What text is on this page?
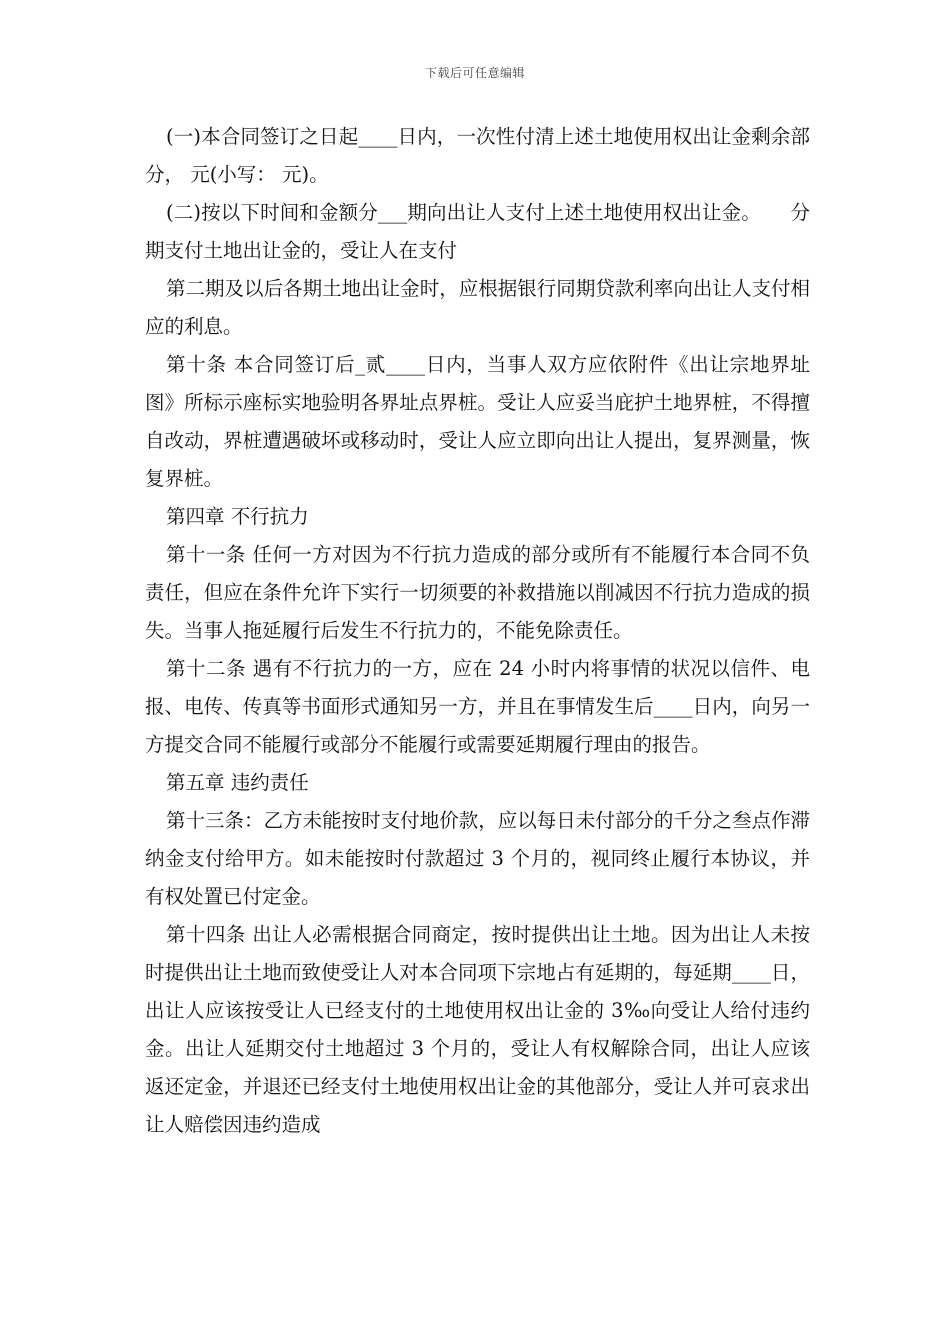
下载后可任意编辑

(一)本合同签订之日起____日内，一次性付清上述土地使用权出让金剩余部分， 元(小写： 元)。

(二)按以下时间和金额分___期向出让人支付上述土地使用权出让金。　　分期支付土地出让金的，受让人在支付

第二期及以后各期土地出让金时，应根据银行同期贷款利率向出让人支付相应的利息。

第十条 本合同签订后_贰____日内，当事人双方应依附件《出让宗地界址图》所标示座标实地验明各界址点界桩。受让人应妥当庇护土地界桩，不得擅自改动，界桩遭遇破坏或移动时，受让人应立即向出让人提出，复界测量，恢复界桩。

第四章 不行抗力

第十一条 任何一方对因为不行抗力造成的部分或所有不能履行本合同不负责任，但应在条件允许下实行一切须要的补救措施以削减因不行抗力造成的损失。当事人拖延履行后发生不行抗力的，不能免除责任。

第十二条 遇有不行抗力的一方，应在 24 小时内将事情的状况以信件、电报、电传、传真等书面形式通知另一方，并且在事情发生后____日内，向另一方提交合同不能履行或部分不能履行或需要延期履行理由的报告。

第五章 违约责任

第十三条：乙方未能按时支付地价款，应以每日未付部分的千分之叁点作滞纳金支付给甲方。如未能按时付款超过 3 个月的，视同终止履行本协议，并有权处置已付定金。

第十四条 出让人必需根据合同商定，按时提供出让土地。因为出让人未按时提供出让土地而致使受让人对本合同项下宗地占有延期的，每延期____日，出让人应该按受让人已经支付的土地使用权出让金的 3‰向受让人给付违约金。出让人延期交付土地超过 3 个月的，受让人有权解除合同，出让人应该返还定金，并退还已经支付土地使用权出让金的其他部分，受让人并可哀求出让人赔偿因违约造成
